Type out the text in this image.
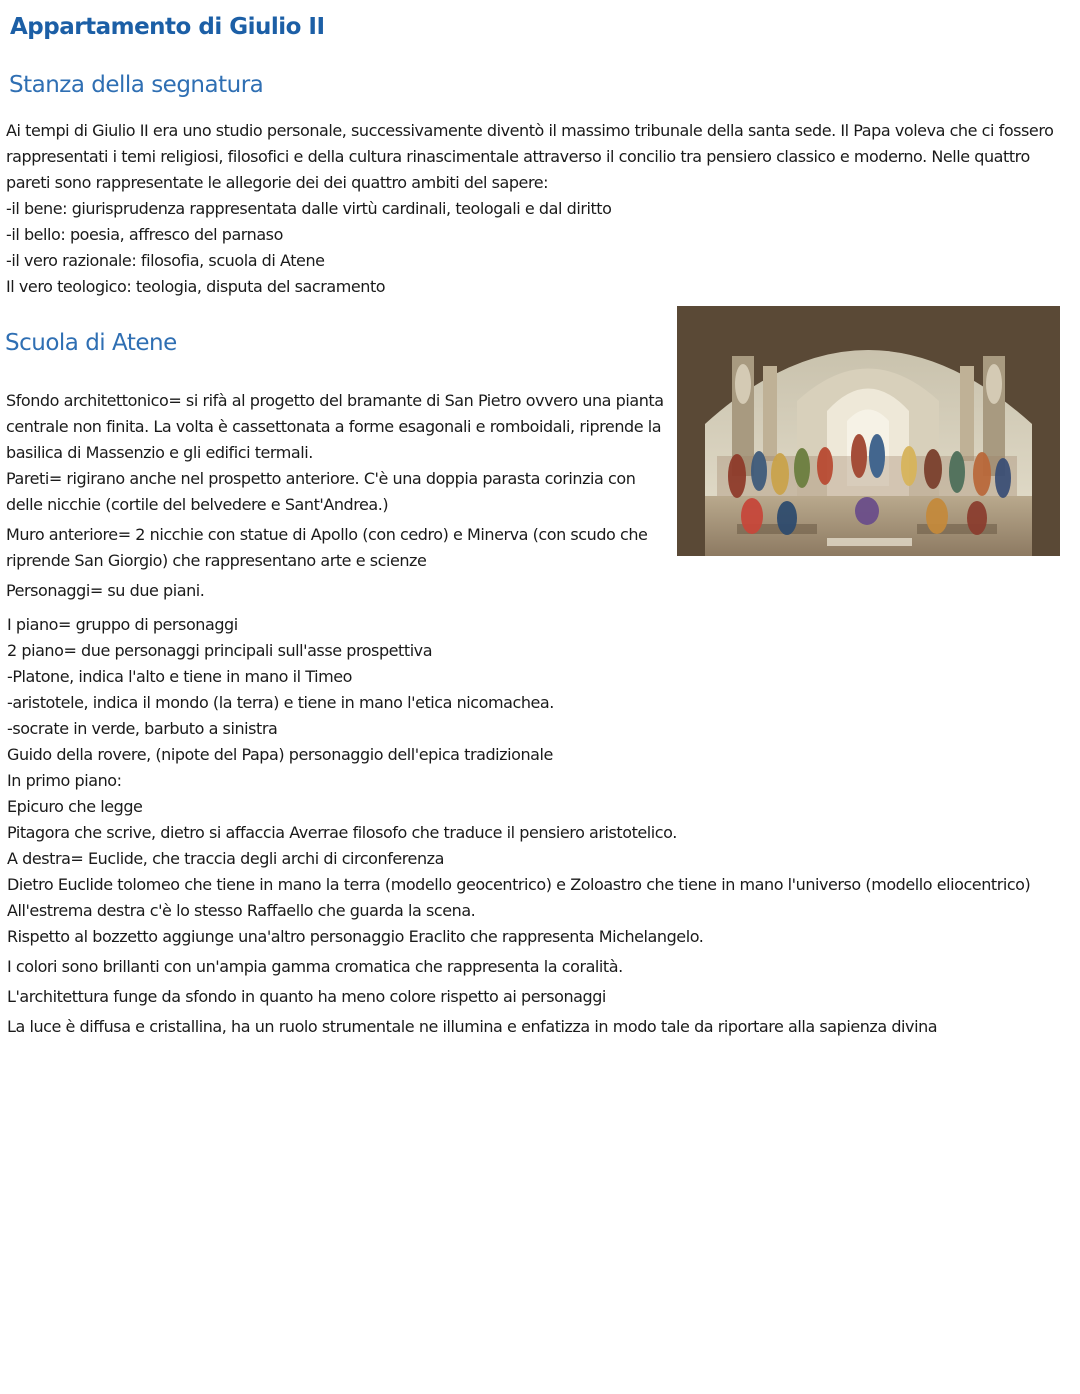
Appartamento di Giulio II
Stanza della segnatura

Ai tempi di Giulio II era uno studio personale, successivamente diventò il massimo tribunale della santa sede. Il Papa voleva che ci fossero rappresentati i temi religiosi, filosofici e della cultura rinascimentale attraverso il concilio tra pensiero classico e moderno. Nelle quattro pareti sono rappresentate le allegorie dei dei quattro ambiti del sapere:

-il bene: giurisprudenza rappresentata dalle virtù cardinali, teologali e dal diritto

-il bello: poesia, affresco del parnaso

-il vero razionale: filosofia, scuola di Atene

Il vero teologico: teologia, disputa del sacramento

Scuola di Atene

Sfondo architettonico= si rifà al progetto del bramante di San Pietro ovvero una pianta centrale non finita. La volta è cassettonata a forme esagonali e romboidali, riprende la basilica di Massenzio e gli edifici termali.

Pareti= rigirano anche nel prospetto anteriore. C'è una doppia parasta corinzia con delle nicchie (cortile del belvedere e Sant'Andrea.)

Muro anteriore= 2 nicchie con statue di Apollo (con cedro) e Minerva (con scudo che riprende San Giorgio) che rappresentano arte e scienze

Personaggi= su due piani.

I piano= gruppo di personaggi

2 piano= due personaggi principali sull'asse prospettiva

-Platone, indica l'alto e tiene in mano il Timeo

-aristotele, indica il mondo (la terra) e tiene in mano l'etica nicomachea.

-socrate in verde, barbuto a sinistra

Guido della rovere, (nipote del Papa) personaggio dell'epica tradizionale

In primo piano:

Epicuro che legge

Pitagora che scrive, dietro si affaccia Averrae filosofo che traduce il pensiero aristotelico.

A destra= Euclide, che traccia degli archi di circonferenza

Dietro Euclide tolomeo che tiene in mano la terra (modello geocentrico) e Zoloastro che tiene in mano l'universo (modello eliocentrico)

All'estrema destra c'è lo stesso Raffaello che guarda la scena.

Rispetto al bozzetto aggiunge una'altro personaggio Eraclito che rappresenta Michelangelo.

I colori sono brillanti con un'ampia gamma cromatica che rappresenta la coralità.

L'architettura funge da sfondo in quanto ha meno colore rispetto ai personaggi

La luce è diffusa e cristallina, ha un ruolo strumentale ne illumina e enfatizza in modo tale da riportare alla sapienza divina
